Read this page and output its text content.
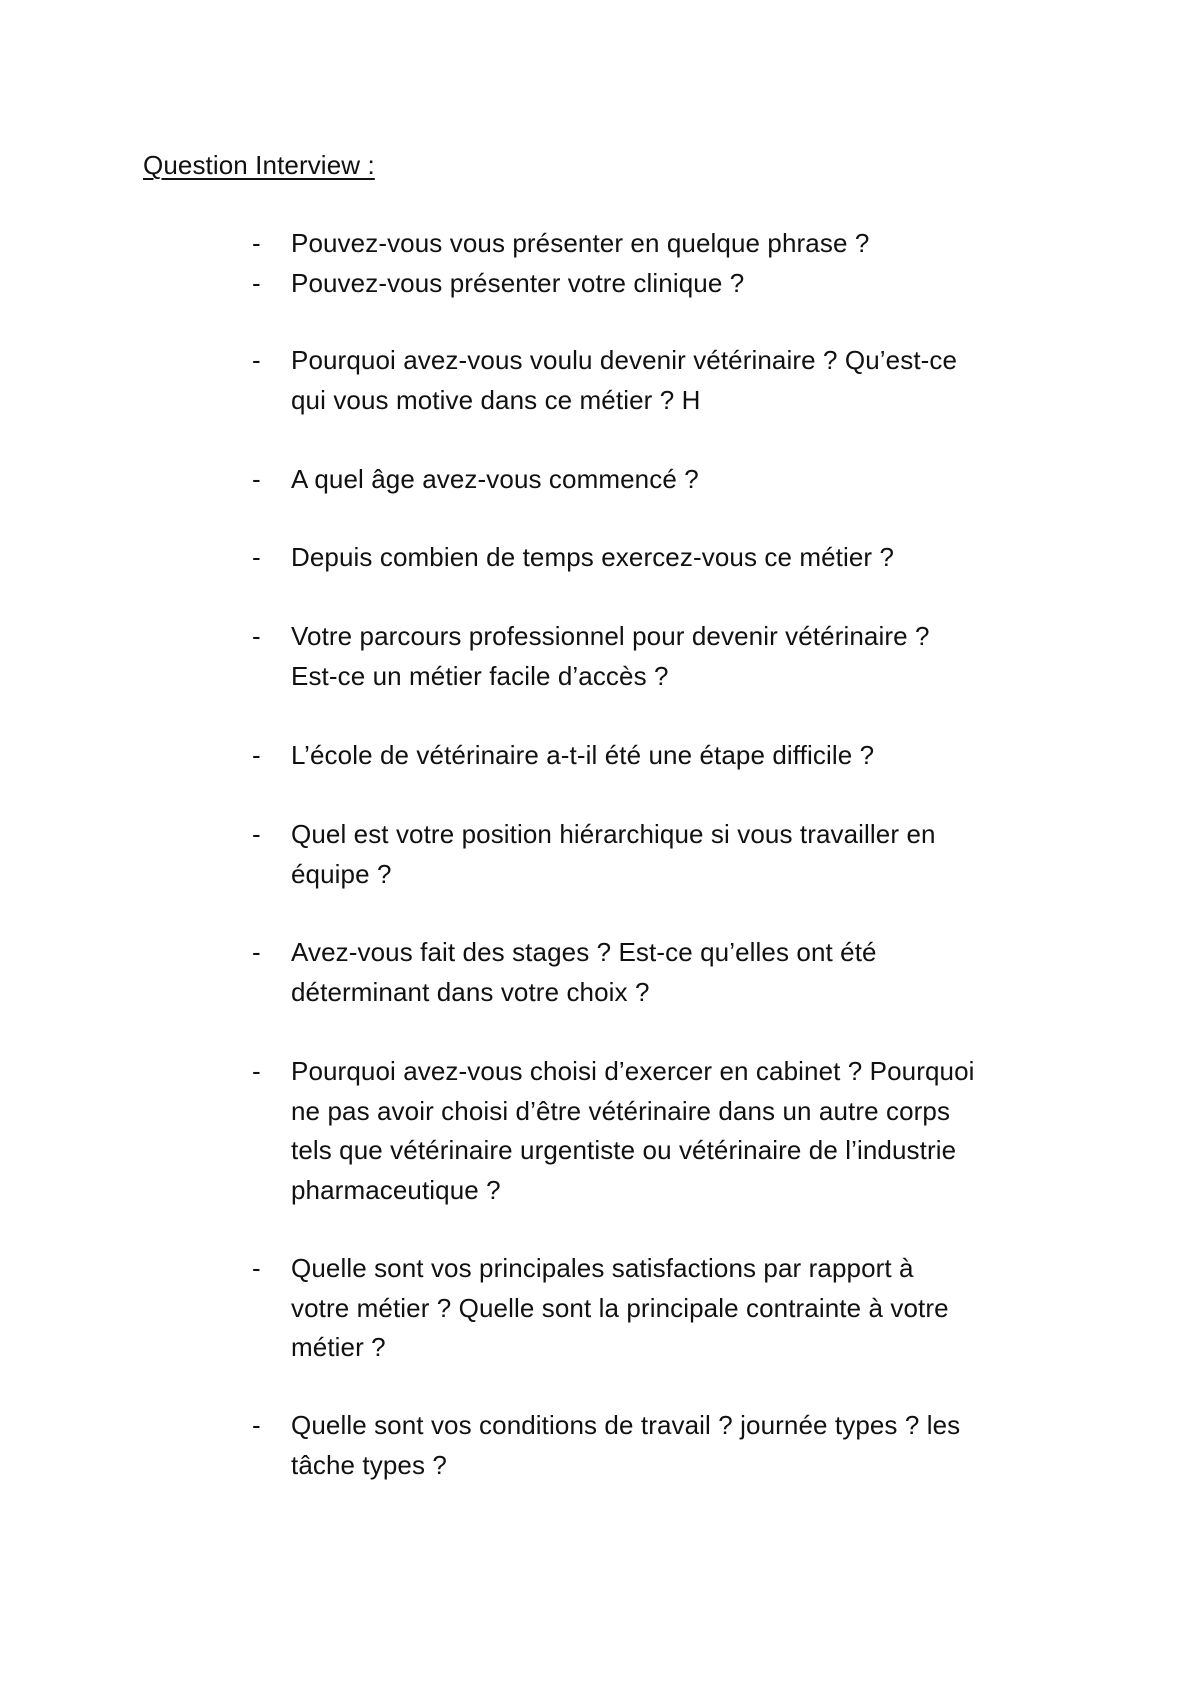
Question Interview :
-	Pouvez-vous vous présenter en quelque phrase ?
-	Pouvez-vous présenter votre clinique ?
-	Pourquoi avez-vous voulu devenir vétérinaire ? Qu’est-ce
qui vous motive dans ce métier ? H
-	A quel âge avez-vous commencé ?
-	Depuis combien de temps exercez-vous ce métier ?
-	Votre parcours professionnel pour devenir vétérinaire ?
Est-ce un métier facile d’accès ?
-	L’école de vétérinaire a-t-il été une étape difficile ?
-	Quel est votre position hiérarchique si vous travailler en
équipe ?
-	Avez-vous fait des stages ? Est-ce qu’elles ont été
déterminant dans votre choix ?
-	Pourquoi avez-vous choisi d’exercer en cabinet ? Pourquoi
ne pas avoir choisi d’être vétérinaire dans un autre corps
tels que vétérinaire urgentiste ou vétérinaire de l’industrie
pharmaceutique ?
-	Quelle sont vos principales satisfactions par rapport à
votre métier ? Quelle sont la principale contrainte à votre
métier ?
-	Quelle sont vos conditions de travail ? journée types ? les
tâche types ?
